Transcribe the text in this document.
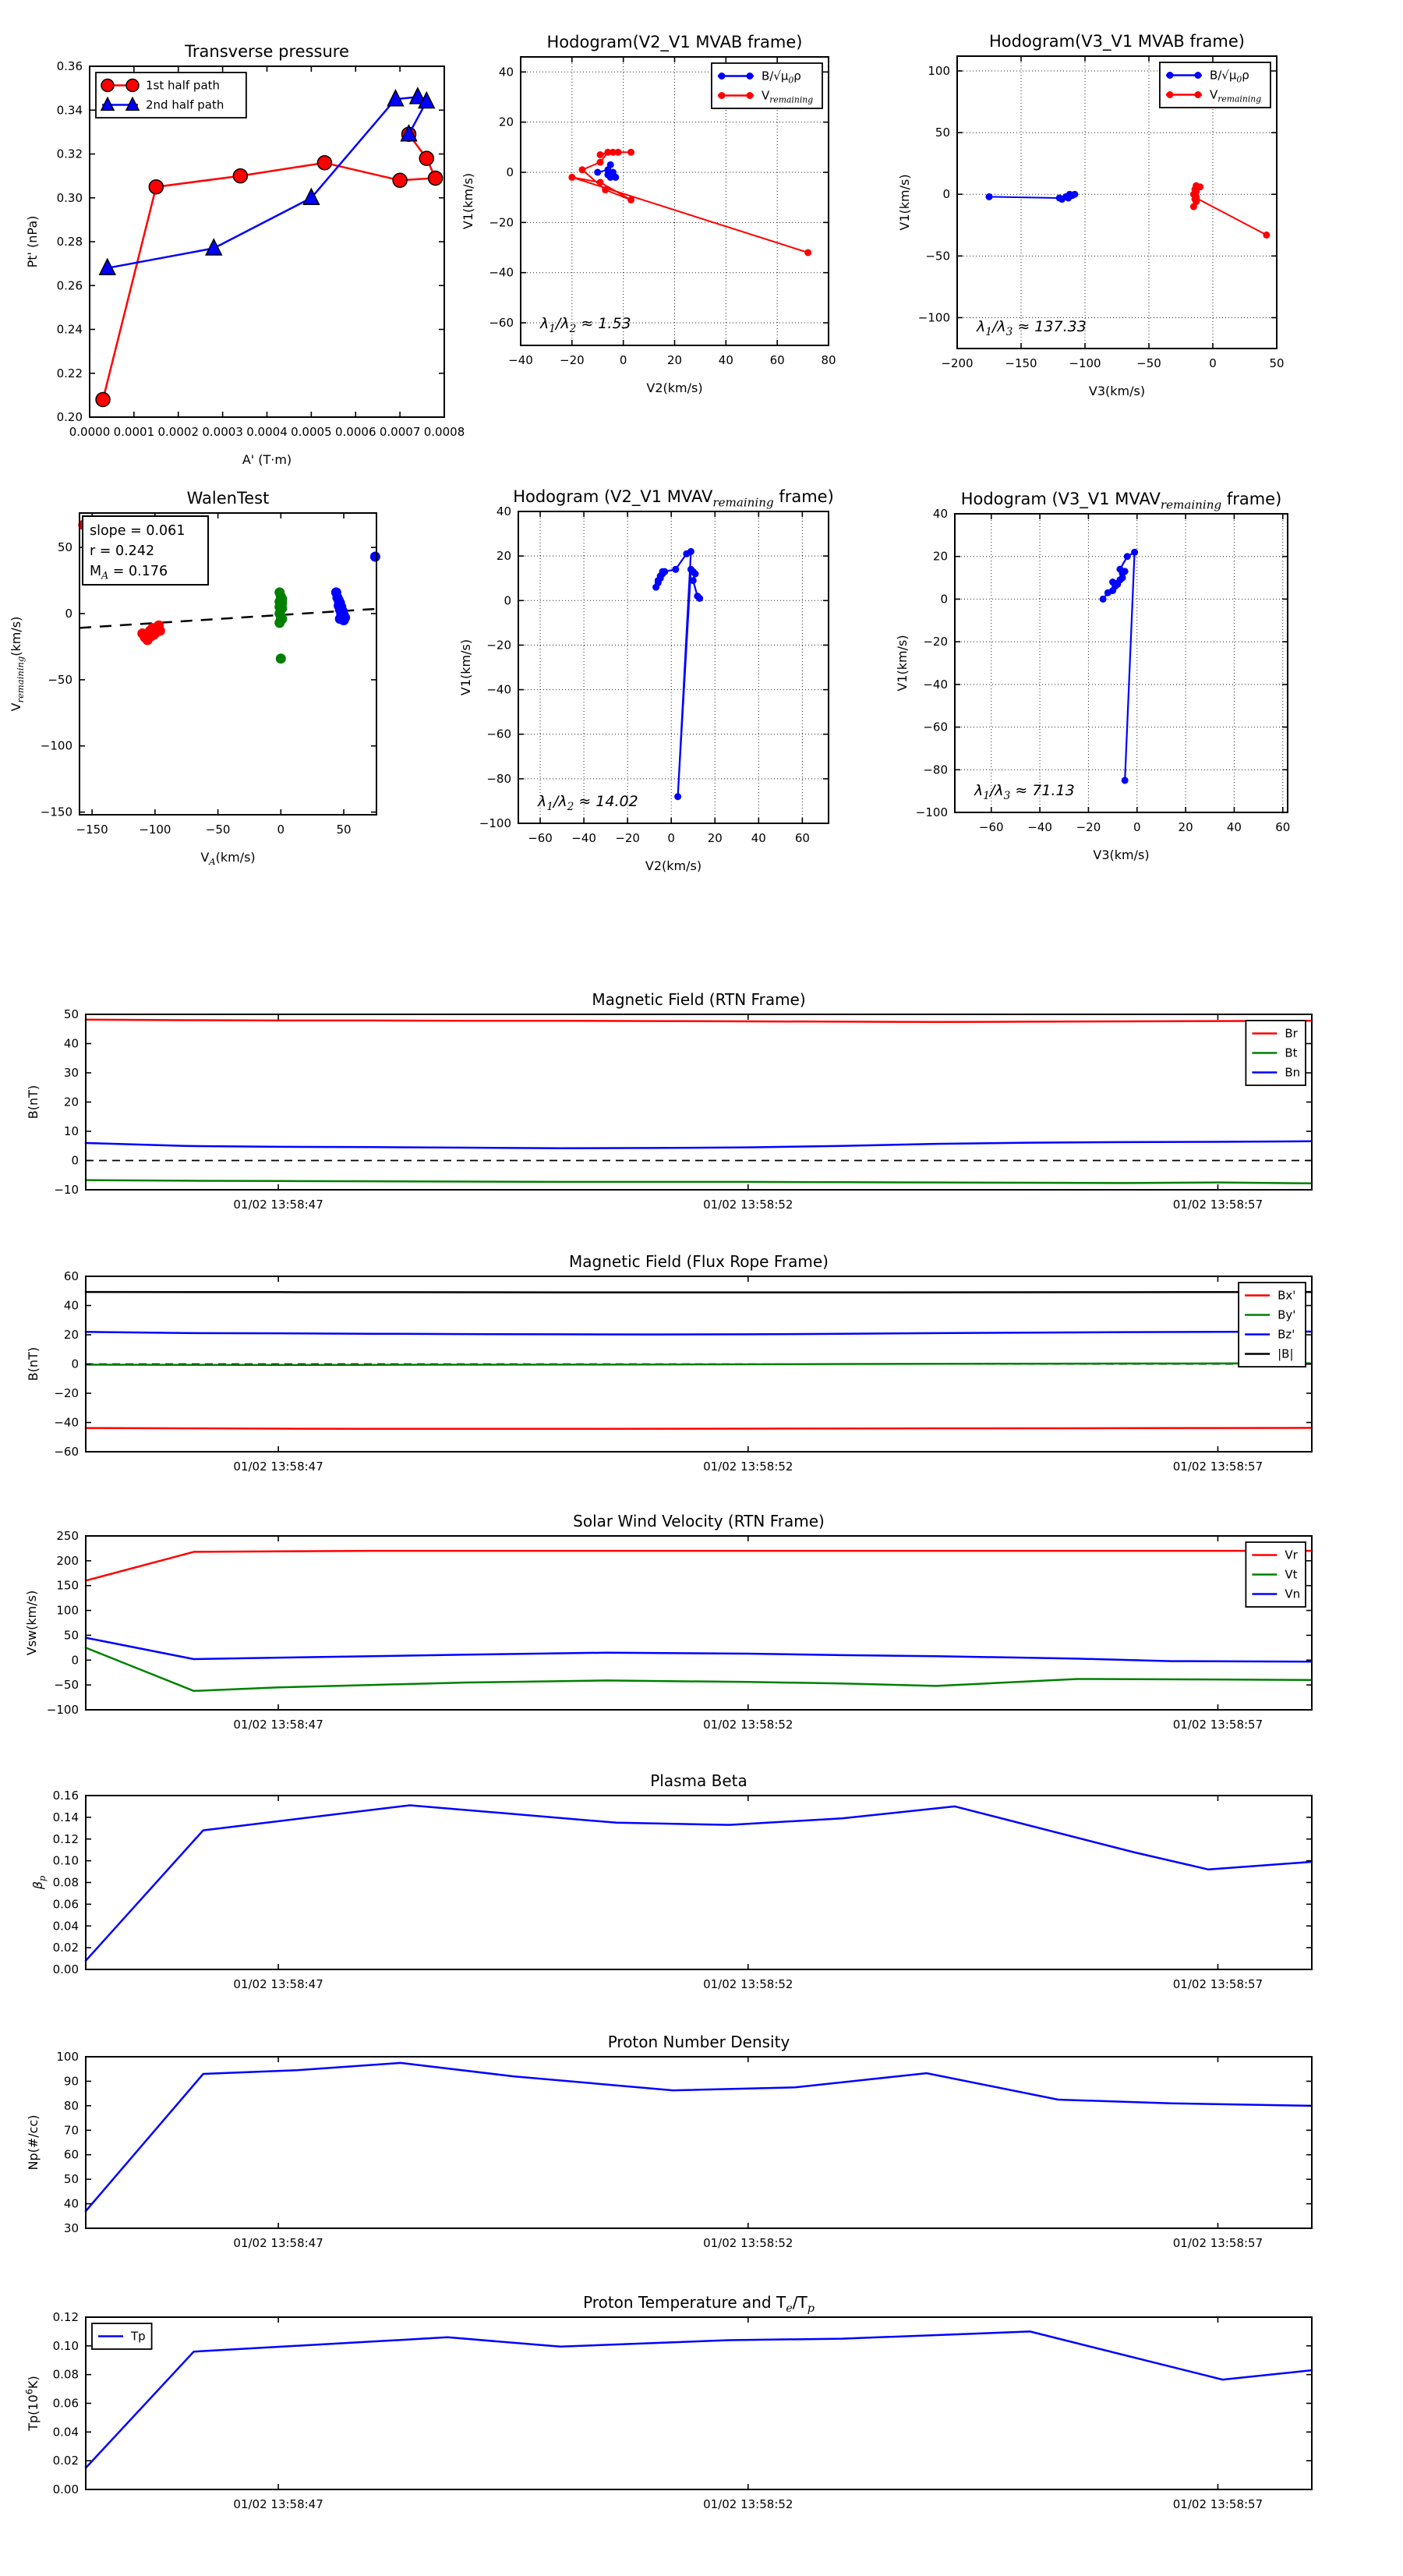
0.0000 0.0001 0.0002 0.0003 0.0004 0.0005 0.0006 0.0007 0.0008
0.20
0.22
0.24
0.26
0.28
0.30
0.32
0.34
0.36
Transverse pressure
A' (T·m)
Pt' (nPa)
1st half path
2nd half path
−40 −20	0	20	40	60	80
40
20
0
−20
−40
−60
Hodogram(V2_V1 MVAB frame)
V2(km/s)
V1(km/s)
$\lambda_1/\lambda_2 \approx 1.53$
$B/√\mu_0\rho$
$V_{remaining}$
−200	−150	−100	−50	0	50
100
50
0
−50
−100
Hodogram(V3_V1 MVAB frame)
V3(km/s)
V1(km/s)
$\lambda_1/\lambda_3 \approx 137.33$
$B/√\mu_0\rho$
$V_{remaining}$
−150	−100	−50	0	50
50
0
−50
−100
−150
WalenTest
$V_A(km/s)$
$V_{remaining}(km/s)$
slope = 0.061
r = 0.242
$M_A = 0.176$
−60 −40 −20 0	20 40 60
40
20
0
−20
−40
−60
−80
−100
Hodogram (V2_V1 $MVAV_{remaining}$ frame)
V2(km/s)
V1(km/s)
$\lambda_1/\lambda_2 \approx 14.02$
−60 −40 −20	0	20	40	60
40
20
0
−20
−40
−60
−80
−100
Hodogram (V3_V1 $MVAV_{remaining}$ frame)
V3(km/s)
V1(km/s)
$\lambda_1/\lambda_3 \approx 71.13$
01/02 13:58:47	01/02 13:58:52	01/02 13:58:57
50
40
30
20
10
0
−10
Magnetic Field (RTN Frame)
B(nT)
Br
Bt
Bn
01/02 13:58:47	01/02 13:58:52	01/02 13:58:57
60
40
20
0
−20
−40
−60
Magnetic Field (Flux Rope Frame)
B(nT)
Bx'
By'
Bz'
|B|
01/02 13:58:47	01/02 13:58:52	01/02 13:58:57
250
200
150
100
50
0
−50
−100
Solar Wind Velocity (RTN Frame)
Vsw(km/s)
Vr
Vt
Vn
01/02 13:58:47	01/02 13:58:52	01/02 13:58:57
0.16
0.14
0.12
0.10
0.08
0.06
0.04
0.02
0.00
Plasma Beta
$\beta_p$
01/02 13:58:47	01/02 13:58:52	01/02 13:58:57
100
90
80
70
60
50
40
30
Proton Number Density
Np(#/cc)
01/02 13:58:47	01/02 13:58:52	01/02 13:58:57
0.12
0.10
0.08
0.06
0.04
0.02
0.00
Proton Temperature and $T_e/T_p$
$Tp(10^6K)$
Tp
